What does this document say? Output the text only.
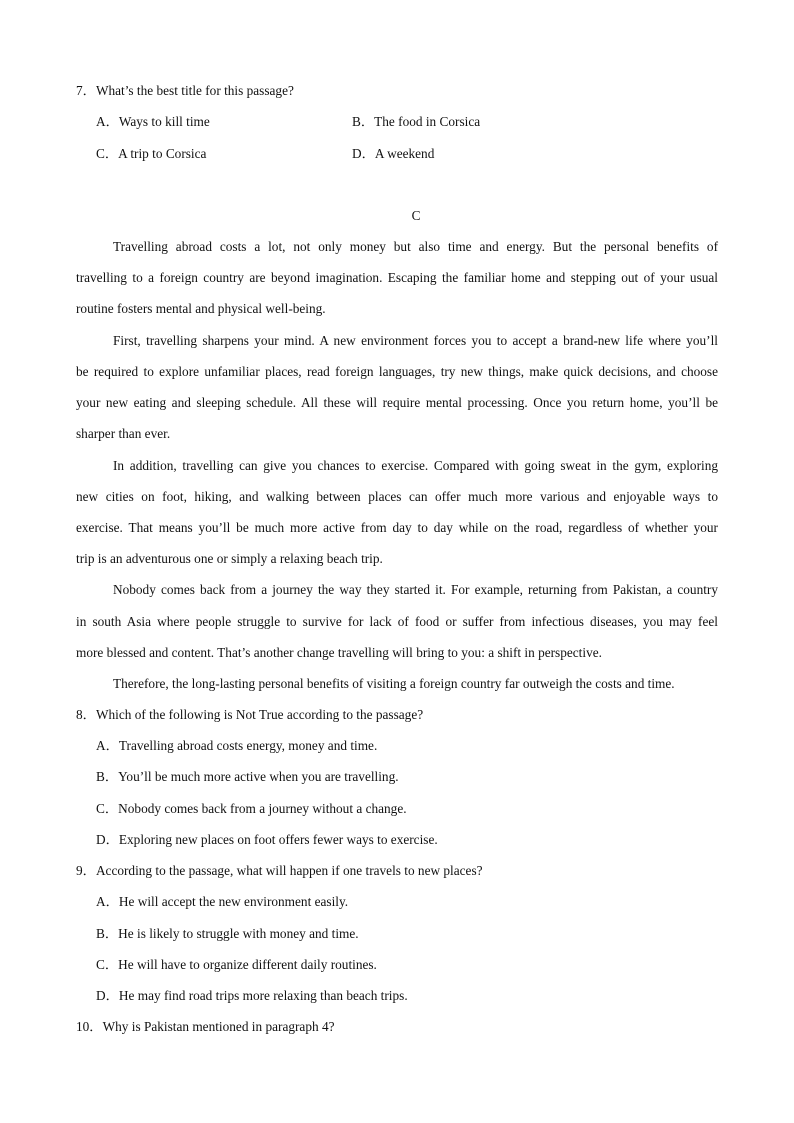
7．What’s the best title for this passage?
A．Ways to kill time	B．The food in Corsica
C．A trip to Corsica	D．A weekend
C
Travelling abroad costs a lot, not only money but also time and energy. But the personal benefits of
travelling to a foreign country are beyond imagination. Escaping the familiar home and stepping out of your usual
routine fosters mental and physical well-being.
First, travelling sharpens your mind. A new environment forces you to accept a brand-new life where you’ll
be required to explore unfamiliar places, read foreign languages, try new things, make quick decisions, and choose
your new eating and sleeping schedule. All these will require mental processing. Once you return home, you’ll be
sharper than ever.
In addition, travelling can give you chances to exercise. Compared with going sweat in the gym, exploring
new cities on foot, hiking, and walking between places can offer much more various and enjoyable ways to
exercise. That means you’ll be much more active from day to day while on the road, regardless of whether your
trip is an adventurous one or simply a relaxing beach trip.
Nobody comes back from a journey the way they started it. For example, returning from Pakistan, a country
in south Asia where people struggle to survive for lack of food or suffer from infectious diseases, you may feel
more blessed and content. That’s another change travelling will bring to you: a shift in perspective.
Therefore, the long-lasting personal benefits of visiting a foreign country far outweigh the costs and time.
8．Which of the following is Not True according to the passage?
A．Travelling abroad costs energy, money and time.
B．You’ll be much more active when you are travelling.
C．Nobody comes back from a journey without a change.
D．Exploring new places on foot offers fewer ways to exercise.
9．According to the passage, what will happen if one travels to new places?
A．He will accept the new environment easily.
B．He is likely to struggle with money and time.
C．He will have to organize different daily routines.
D．He may find road trips more relaxing than beach trips.
10．Why is Pakistan mentioned in paragraph 4?
